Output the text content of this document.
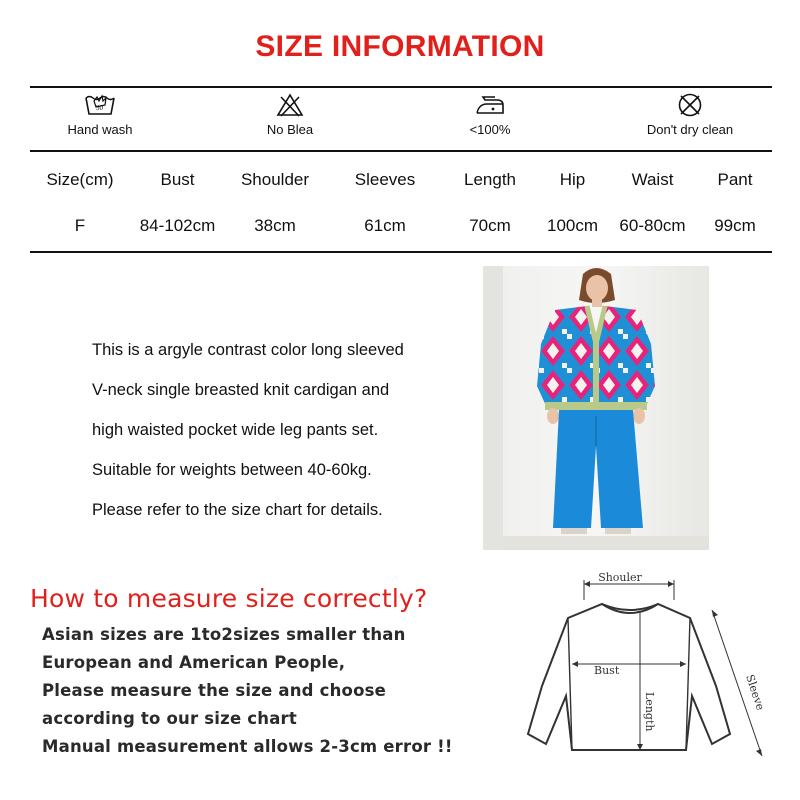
SIZE INFORMATION
30
Hand wash	No Blea	<100%	Don't dry clean
Size(cm)	Bust	Shoulder	Sleeves	Length	Hip	Waist	Pant
F	84-102cm	38cm	61cm	70cm	100cm	60-80cm	99cm
This is a argyle contrast color long sleeved
V-neck single breasted knit cardigan and
high waisted pocket wide leg pants set.
Suitable for weights between 40-60kg.
Please refer to the size chart for details.
How to measure size correctly?
Asian sizes are 1to2sizes smaller than
European and American People,
Please measure the size and choose
according to our size chart
Manual measurement allows 2-3cm error !!
Shouler
Bust
Length	Sleeve
